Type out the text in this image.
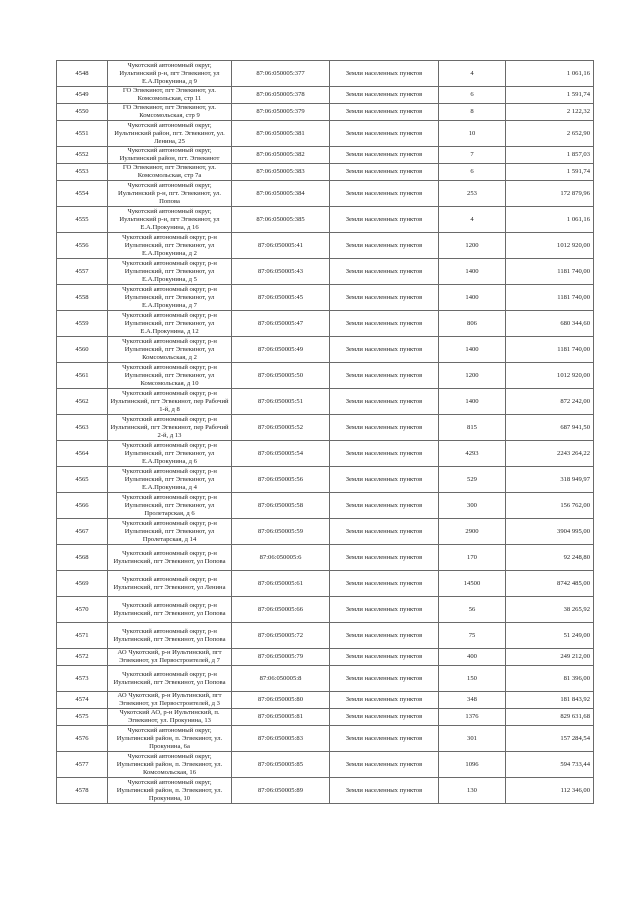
4548	Чукотский автономный округ, Иультинский р-н, пгт Эгвекинот, ул Е.А.Прокунина, д 9	87:06:050005:377	Земли населенных пунктов	4	1 061,16
4549	ГО Эгвекинот, пгт Эгвекинот, ул. Комсомольская, стр 11	87:06:050005:378	Земли населенных пунктов	6	1 591,74
4550	ГО Эгвекинот, пгт Эгвекинот, ул. Комсомольская, стр 9	87:06:050005:379	Земли населенных пунктов	8	2 122,32
4551	Чукотский автономный округ, Иультинский район, пгт. Эгвекинот, ул. Ленина, 25	87:06:050005:381	Земли населенных пунктов	10	2 652,90
4552	Чукотский автономный округ, Иультинский район, пгт. Эгвекинот	87:06:050005:382	Земли населенных пунктов	7	1 857,03
4553	ГО Эгвекинот, пгт Эгвекинот, ул. Комсомольская, стр 7а	87:06:050005:383	Земли населенных пунктов	6	1 591,74
4554	Чукотский автономный округ, Иультинский р-н, пгт. Эгвекинот, ул. Попова	87:06:050005:384	Земли населенных пунктов	253	172 879,96
4555	Чукотский автономный округ, Иультинский р-н, пгт Эгвекинот, ул Е.А.Прокунина, д 16	87:06:050005:385	Земли населенных пунктов	4	1 061,16
4556	Чукотский автономный округ, р-н Иультинский, пгт Эгвекинот, ул Е.А.Прокунина, д 2	87:06:050005:41	Земли населенных пунктов	1200	1012 920,00
4557	Чукотский автономный округ, р-н Иультинский, пгт Эгвекинот, ул Е.А.Прокунина, д 5	87:06:050005:43	Земли населенных пунктов	1400	1181 740,00
4558	Чукотский автономный округ, р-н Иультинский, пгт Эгвекинот, ул Е.А.Прокунина, д 7	87:06:050005:45	Земли населенных пунктов	1400	1181 740,00
4559	Чукотский автономный округ, р-н Иультинский, пгт Эгвекинот, ул Е.А.Прокунина, д 12	87:06:050005:47	Земли населенных пунктов	806	680 344,60
4560	Чукотский автономный округ, р-н Иультинский, пгт Эгвекинот, ул Комсомольская, д 2	87:06:050005:49	Земли населенных пунктов	1400	1181 740,00
4561	Чукотский автономный округ, р-н Иультинский, пгт Эгвекинот, ул Комсомольская, д 10	87:06:050005:50	Земли населенных пунктов	1200	1012 920,00
4562	Чукотский автономный округ, р-н Иультинский, пгт Эгвекинот, пер Рабочий 1-й, д 8	87:06:050005:51	Земли населенных пунктов	1400	872 242,00
4563	Чукотский автономный округ, р-н Иультинский, пгт Эгвекинот, пер Рабочий 2-й, д 13	87:06:050005:52	Земли населенных пунктов	815	687 941,50
4564	Чукотский автономный округ, р-н Иультинский, пгт Эгвекинот, ул Е.А.Прокунина, д 6	87:06:050005:54	Земли населенных пунктов	4293	2243 264,22
4565	Чукотский автономный округ, р-н Иультинский, пгт Эгвекинот, ул Е.А.Прокунина, д 4	87:06:050005:56	Земли населенных пунктов	529	318 949,97
4566	Чукотский автономный округ, р-н Иультинский, пгт Эгвекинот, ул Пролетарская, д 6	87:06:050005:58	Земли населенных пунктов	300	156 762,00
4567	Чукотский автономный округ, р-н Иультинский, пгт Эгвекинот, ул Пролетарская, д 14	87:06:050005:59	Земли населенных пунктов	2900	3904 995,00
4568	Чукотский автономный округ, р-н Иультинский, пгт Эгвекинот, ул Попова	87:06:050005:6	Земли населенных пунктов	170	92 248,80
4569	Чукотский автономный округ, р-н Иультинский, пгт Эгвекинот, ул Ленина	87:06:050005:61	Земли населенных пунктов	14500	8742 485,00
4570	Чукотский автономный округ, р-н Иультинский, пгт Эгвекинот, ул Попова	87:06:050005:66	Земли населенных пунктов	56	38 265,92
4571	Чукотский автономный округ, р-н Иультинский, пгт Эгвекинот, ул Попова	87:06:050005:72	Земли населенных пунктов	75	51 249,00
4572	АО Чукотский, р-н Иультинский, пгт Эгвекинот, ул Первостроителей, д 7	87:06:050005:79	Земли населенных пунктов	400	249 212,00
4573	Чукотский автономный округ, р-н Иультинский, пгт Эгвекинот, ул Попова	87:06:050005:8	Земли населенных пунктов	150	81 396,00
4574	АО Чукотский, р-н Иультинский, пгт Эгвекинот, ул Первостроителей, д 3	87:06:050005:80	Земли населенных пунктов	348	181 843,92
4575	Чукотский АО, р-н Иультинский, п. Эгвекинот, ул. Прокунина, 13	87:06:050005:81	Земли населенных пунктов	1376	829 631,68
4576	Чукотский автономный округ, Иультинский район, п. Эгвекинот, ул. Прокунина, 6а	87:06:050005:83	Земли населенных пунктов	301	157 284,54
4577	Чукотский автономный округ, Иультинский район, п. Эгвекинот, ул. Комсомольская, 16	87:06:050005:85	Земли населенных пунктов	1096	594 733,44
4578	Чукотский автономный округ, Иультинский район, п. Эгвекинот, ул. Прокунина, 10	87:06:050005:89	Земли населенных пунктов	130	112 346,00
